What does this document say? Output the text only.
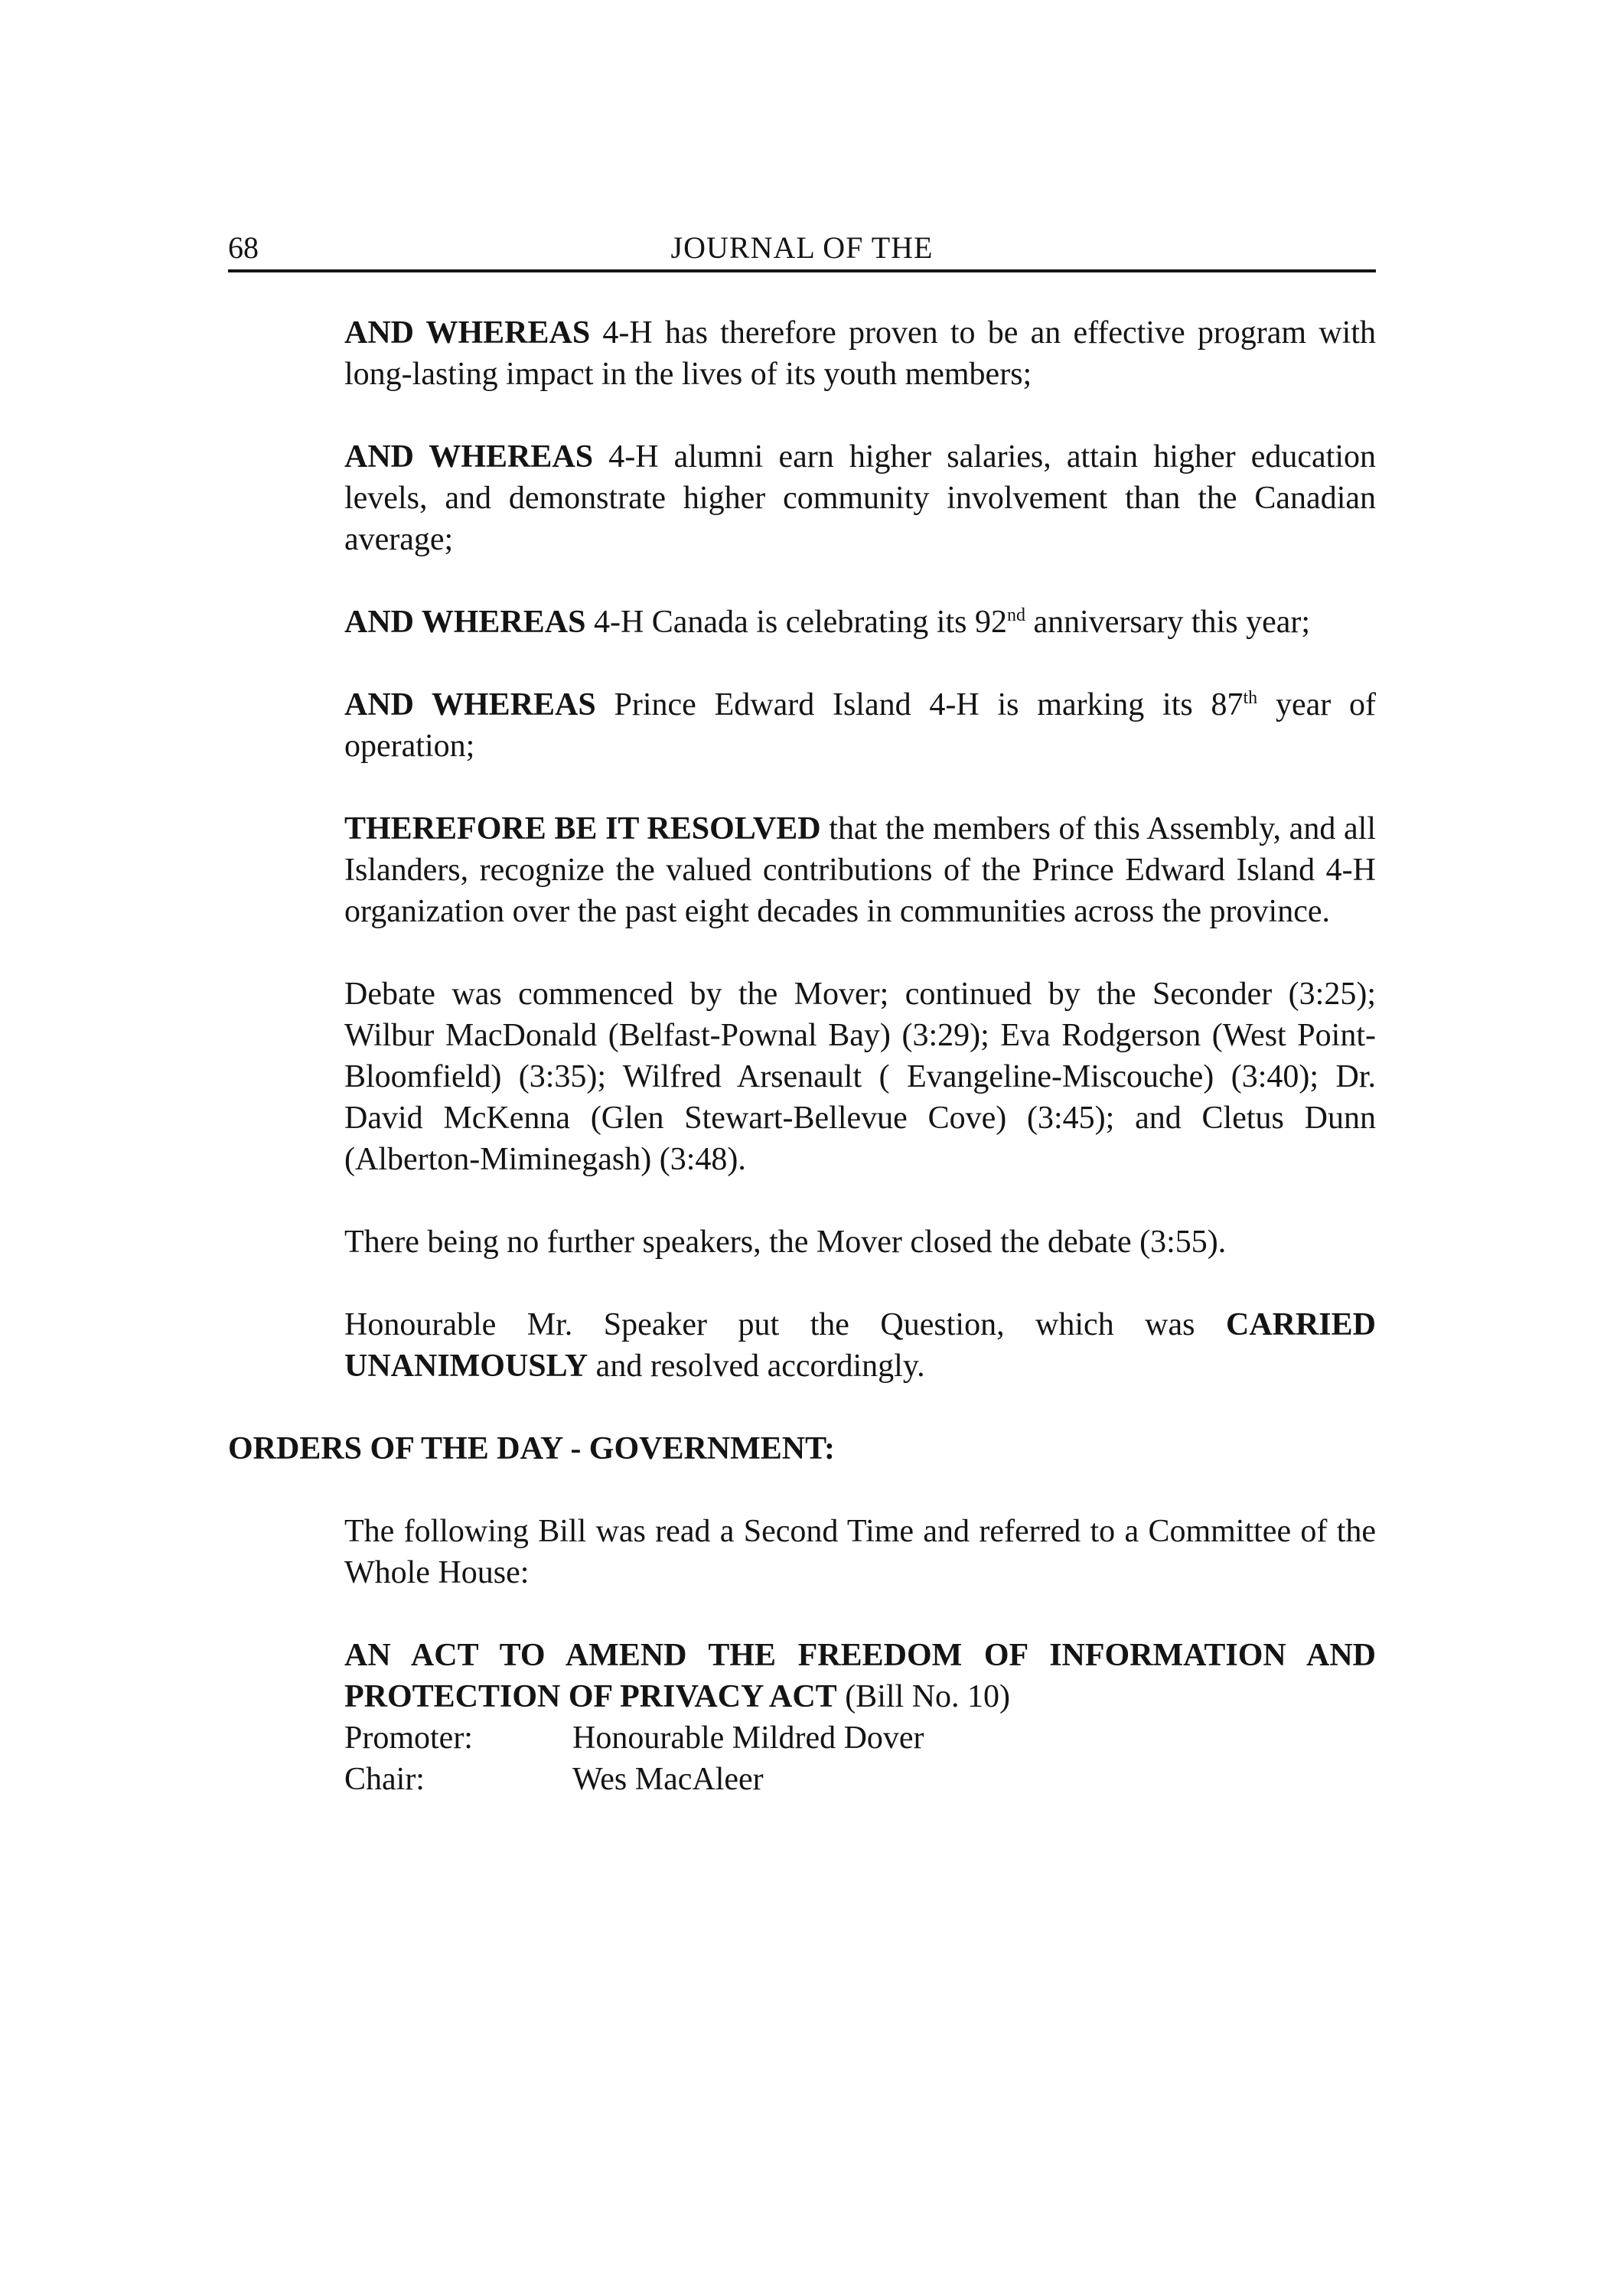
68	JOURNAL OF THE

AND WHEREAS 4-H has therefore proven to be an effective program with long-lasting impact in the lives of its youth members;

AND WHEREAS 4-H alumni earn higher salaries, attain higher education levels, and demonstrate higher community involvement than the Canadian average;

AND WHEREAS 4-H Canada is celebrating its 92nd anniversary this year;

AND WHEREAS Prince Edward Island 4-H is marking its 87th year of operation;

THEREFORE BE IT RESOLVED that the members of this Assembly, and all Islanders, recognize the valued contributions of the Prince Edward Island 4-H organization over the past eight decades in communities across the province.

Debate was commenced by the Mover; continued by the Seconder (3:25); Wilbur MacDonald (Belfast-Pownal Bay) (3:29); Eva Rodgerson (West Point-Bloomfield) (3:35); Wilfred Arsenault ( Evangeline-Miscouche) (3:40); Dr. David McKenna (Glen Stewart-Bellevue Cove) (3:45); and Cletus Dunn (Alberton-Miminegash) (3:48).

There being no further speakers, the Mover closed the debate (3:55).

Honourable Mr. Speaker put the Question, which was CARRIED UNANIMOUSLY and resolved accordingly.

ORDERS OF THE DAY - GOVERNMENT:

The following Bill was read a Second Time and referred to a Committee of the Whole House:

AN ACT TO AMEND THE FREEDOM OF INFORMATION AND PROTECTION OF PRIVACY ACT (Bill No. 10)

Promoter:	Honourable Mildred Dover
Chair:	Wes MacAleer
